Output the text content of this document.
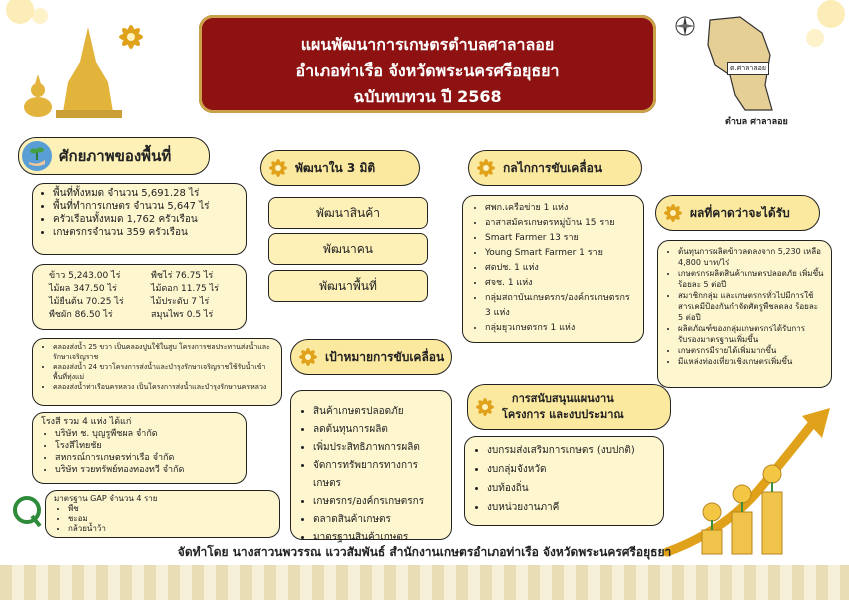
แผนพัฒนาการเกษตรตำบลศาลาลอย
อำเภอท่าเรือ จังหวัดพระนครศรีอยุธยา
ฉบับทบทวน ปี 2568
ต.ศาลาลอย
ตำบล ศาลาลอย
ศักยภาพของพื้นที่
• พื้นที่ทั้งหมด จำนวน 5,691.28 ไร่
• พื้นที่ทำการเกษตร จำนวน 5,647 ไร่
• ครัวเรือนทั้งหมด 1,762 ครัวเรือน
• เกษตรกรจำนวน 359 ครัวเรือน
ข้าว 5,243.00 ไร่
ไม้ผล 347.50 ไร่
ไม้ยืนต้น 70.25 ไร่
พืชผัก 86.50 ไร่
พืชไร่ 76.75 ไร่
ไม้ดอก 11.75 ไร่
ไม้ประดับ 7 ไร่
สมุนไพร 0.5 ไร่
• คลองส่งน้ำ 25 ขวา เป็นคลองปูนใช้ในสูบ โครงการชลประทานส่งน้ำและรักษาเจริญราช
• คลองส่งน้ำ 24 ขวาโครงการส่งน้ำและบำรุงรักษาเจริญราชใช้รับน้ำเข้าพื้นที่ทุ่งแม่
• คลองส่งน้ำท่าเรือนครหลวง เป็นโครงการส่งน้ำและบำรุงรักษานครหลวง
โรงสี รวม 4 แห่ง ได้แก่
• บริษัท ช. บุญรูพืชผล จำกัด
• โรงสีไทยชัย
• สหกรณ์การเกษตรท่าเรือ จำกัด
• บริษัท รวยทรัพย์ทองทองทวี จำกัด
มาตรฐาน GAP จำนวน 4 ราย
• พืช
• ชะอม
• กล้วยน้ำว้า
พัฒนาใน 3 มิติ
พัฒนาสินค้า
พัฒนาคน
พัฒนาพื้นที่
เป้าหมายการขับเคลื่อน
• สินค้าเกษตรปลอดภัย
• ลดต้นทุนการผลิต
• เพิ่มประสิทธิภาพการผลิต
• จัดการทรัพยากรทางการเกษตร
• เกษตรกร/องค์กรเกษตรกร
• ตลาดสินค้าเกษตร
• มาตรฐานสินค้าเกษตร
กลไกการขับเคลื่อน
• ศพก.เครือข่าย 1 แห่ง
• อาสาสมัครเกษตรหมู่บ้าน 15 ราย
• Smart Farmer 13 ราย
• Young Smart Farmer 1 ราย
• ศดปช. 1 แห่ง
• ศจช. 1 แห่ง
• กลุ่มสถาบันเกษตรกร/องค์กรเกษตรกร 3 แห่ง
• กลุ่มยุวเกษตรกร 1 แห่ง
ผลที่คาดว่าจะได้รับ
• ต้นทุนการผลิตข้าวลดลงจาก 5,230 เหลือ 4,800 บาท/ไร่
• เกษตรกรผลิตสินค้าเกษตรปลอดภัย เพิ่มขึ้น ร้อยละ 5 ต่อปี
• สมาชิกกลุ่ม และเกษตรกรทั่วไปมีการใช้สารเคมีป้องกันกำจัดศัตรูพืชลดลง ร้อยละ 5 ต่อปี
• ผลิตภัณฑ์ของกลุ่มเกษตรกรได้รับการรับรองมาตรฐานเพิ่มขึ้น
• เกษตรกรมีรายได้เพิ่มมากขึ้น
• มีแหล่งท่องเที่ยวเชิงเกษตรเพิ่มขึ้น
การสนับสนุนแผนงาน
โครงการ และงบประมาณ
• งบกรมส่งเสริมการเกษตร (งบปกติ)
• งบกลุ่มจังหวัด
• งบท้องถิ่น
• งบหน่วยงานภาคี
จัดทำโดย นางสาวนพวรรณ แววสัมพันธ์ สำนักงานเกษตรอำเภอท่าเรือ จังหวัดพระนครศรีอยุธยา
